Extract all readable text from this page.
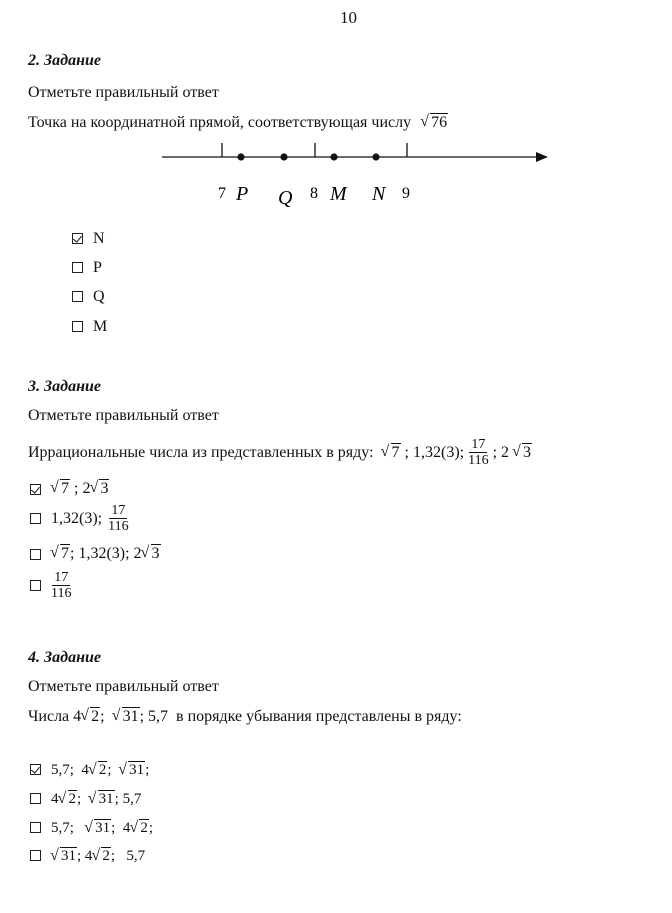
10
2. Задание
Отметьте правильный ответ
Точка на координатной прямой, соответствующая числу √ 76
7 P Q 8 M N 9
N
P
Q
M
3. Задание
Отметьте правильный ответ
Иррациональные числа из представленных в ряду:	√ 7 ; 1,32(3); $\frac{17}{116}$ ; 2 √ 3
√ 7 ; 2 √ 3
1,32(3); $\frac{17}{116}$
√ 7 ; 1,32(3); 2 √ 3
$\frac{17}{116}$
4. Задание
Отметьте правильный ответ
Числа 4 √ 2; √ 31; 5,7  в порядке убывания представлены в ряду:
5,7;  4 √ 2; √ 31;
4 √ 2; √ 31; 5,7
5,7; √ 31;  4 √ 2;
√ 31; 4 √ 2;   5,7
